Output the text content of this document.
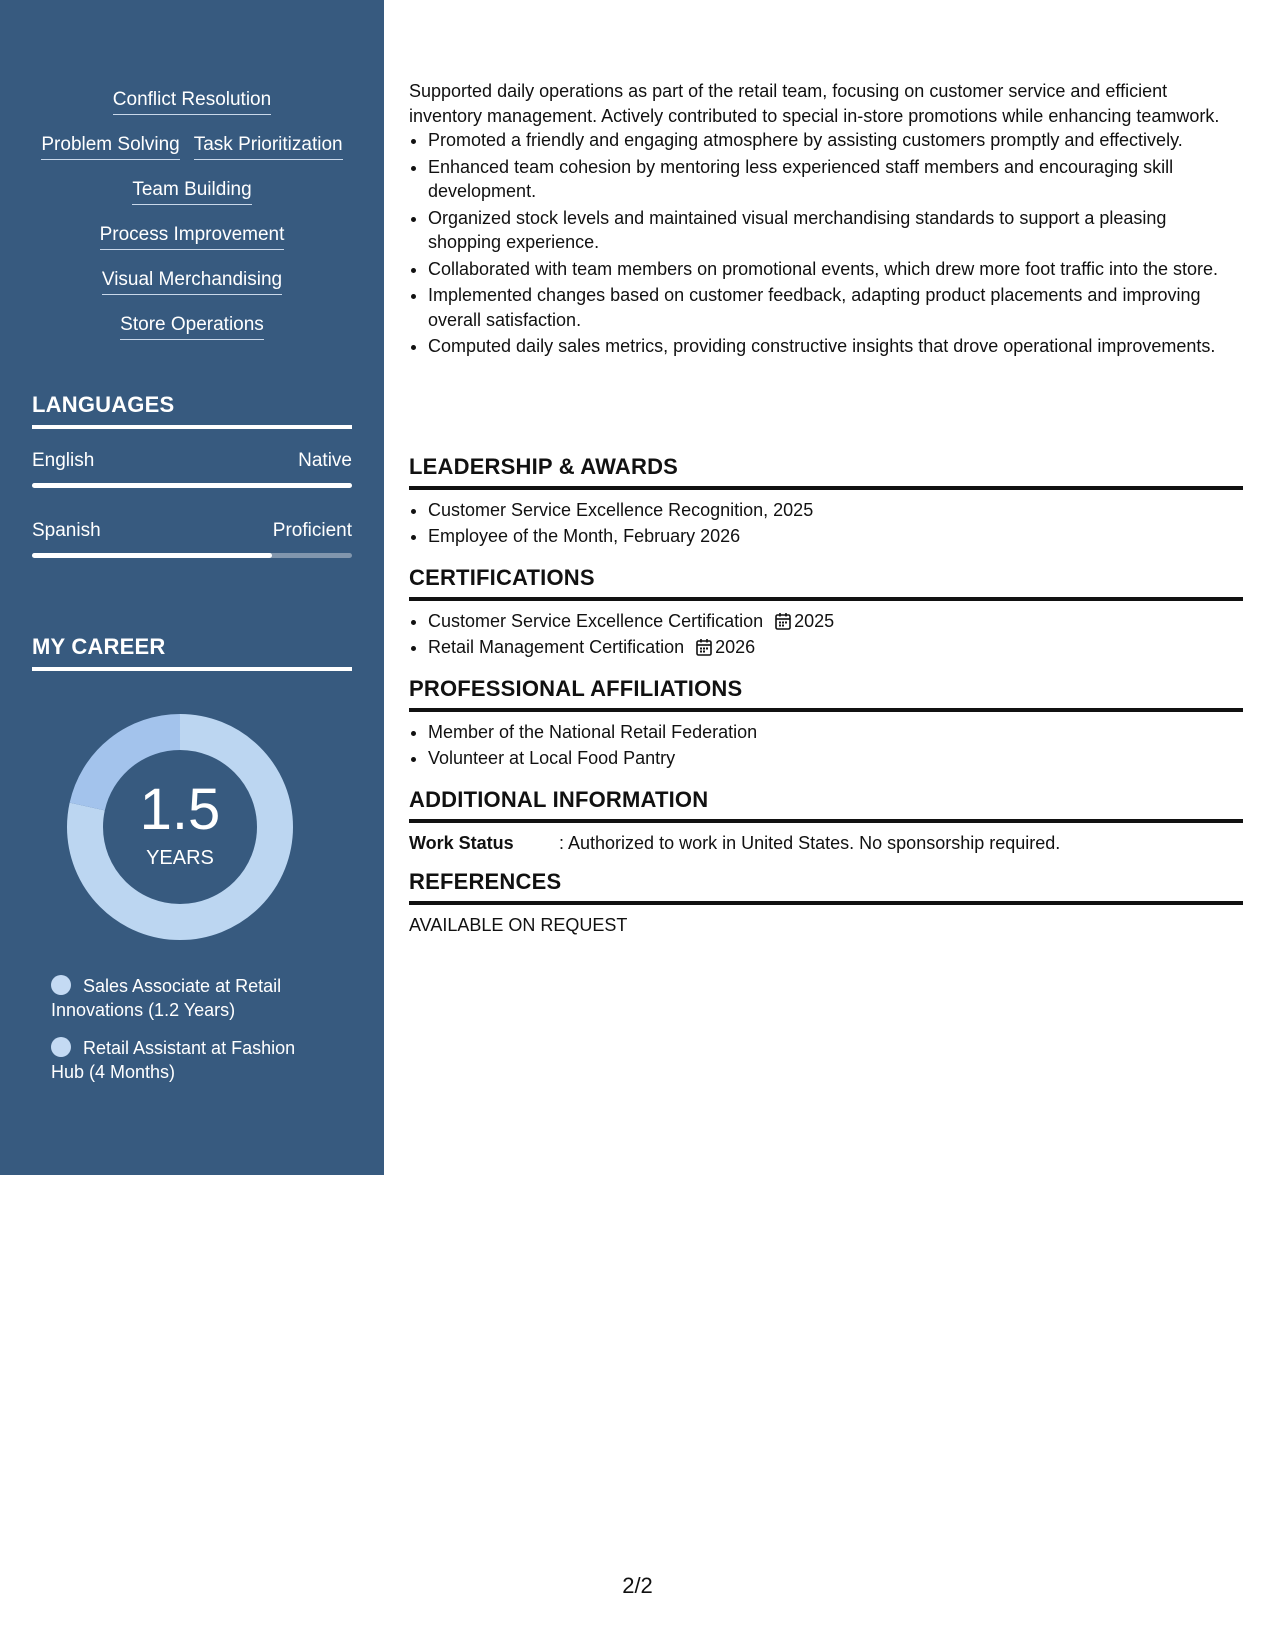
Conflict Resolution
Problem Solving Task Prioritization
Team Building
Process Improvement
Visual Merchandising
Store Operations
LANGUAGES
English	Native
Spanish	Proficient
MY CAREER
1.5
YEARS
Sales Associate at Retail Innovations (1.2 Years)
Retail Assistant at Fashion Hub (4 Months)

Supported daily operations as part of the retail team, focusing on customer service and efficient inventory management. Actively contributed to special in-store promotions while enhancing teamwork.

• Promoted a friendly and engaging atmosphere by assisting customers promptly and effectively.
• Enhanced team cohesion by mentoring less experienced staff members and encouraging skill development.
• Organized stock levels and maintained visual merchandising standards to support a pleasing shopping experience.
• Collaborated with team members on promotional events, which drew more foot traffic into the store.
• Implemented changes based on customer feedback, adapting product placements and improving overall satisfaction.
• Computed daily sales metrics, providing constructive insights that drove operational improvements.
LEADERSHIP & AWARDS
• Customer Service Excellence Recognition, 2025
• Employee of the Month, February 2026
CERTIFICATIONS
• Customer Service Excellence Certification 2025
• Retail Management Certification 2026
PROFESSIONAL AFFILIATIONS
• Member of the National Retail Federation
• Volunteer at Local Food Pantry
ADDITIONAL INFORMATION
Work Status	: Authorized to work in United States. No sponsorship required.
REFERENCES
AVAILABLE ON REQUEST
2/2
